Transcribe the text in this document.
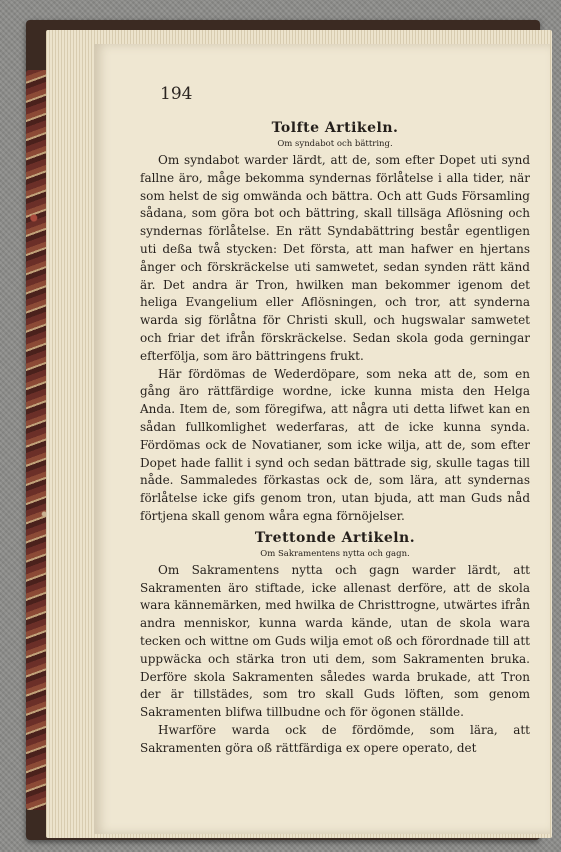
194
Tolfte Artikeln.
Om syndabot och bättring.

Om syndabot warder lärdt, att de, som efter Dopet uti synd fallne äro, måge bekomma syndernas förlåtelse i alla tider, när som helst de sig omwända och bättra. Och att Guds Församling sådana, som göra bot och bättring, skall tillsäga Aflösning och syndernas förlåtelse. En rätt Syndabättring består egentligen uti deßa twå stycken: Det första, att man hafwer en hjertans ånger och förskräckelse uti samwetet, sedan synden rätt känd är. Det andra är Tron, hwilken man bekommer igenom det heliga Evangelium eller Aflösningen, och tror, att synderna warda sig förlåtna för Christi skull, och hugswalar samwetet och friar det ifrån förskräckelse. Sedan skola goda gerningar efterfölja, som äro bättringens frukt.

Här fördömas de Wederdöpare, som neka att de, som en gång äro rättfärdige wordne, icke kunna mista den Helga Anda. Item de, som föregifwa, att några uti detta lifwet kan en sådan fullkomlighet wederfaras, att de icke kunna synda. Fördömas ock de Novatianer, som icke wilja, att de, som efter Dopet hade fallit i synd och sedan bättrade sig, skulle tagas till nåde. Sammaledes förkastas ock de, som lära, att syndernas förlåtelse icke gifs genom tron, utan bjuda, att man Guds nåd förtjena skall genom wåra egna förnöjelser.

Trettonde Artikeln.
Om Sakramentens nytta och gagn.

Om Sakramentens nytta och gagn warder lärdt, att Sakramenten äro stiftade, icke allenast derföre, att de skola wara kännemärken, med hwilka de Christtrogne, utwärtes ifrån andra menniskor, kunna warda kände, utan de skola wara tecken och wittne om Guds wilja emot oß och förordnade till att uppwäcka och stärka tron uti dem, som Sakramenten bruka. Derföre skola Sakramenten således warda brukade, att Tron der är tillstädes, som tro skall Guds löften, som genom Sakramenten blifwa tillbudne och för ögonen ställde.

Hwarföre warda ock de fördömde, som lära, att Sakramenten göra oß rättfärdiga ex opere operato, det
